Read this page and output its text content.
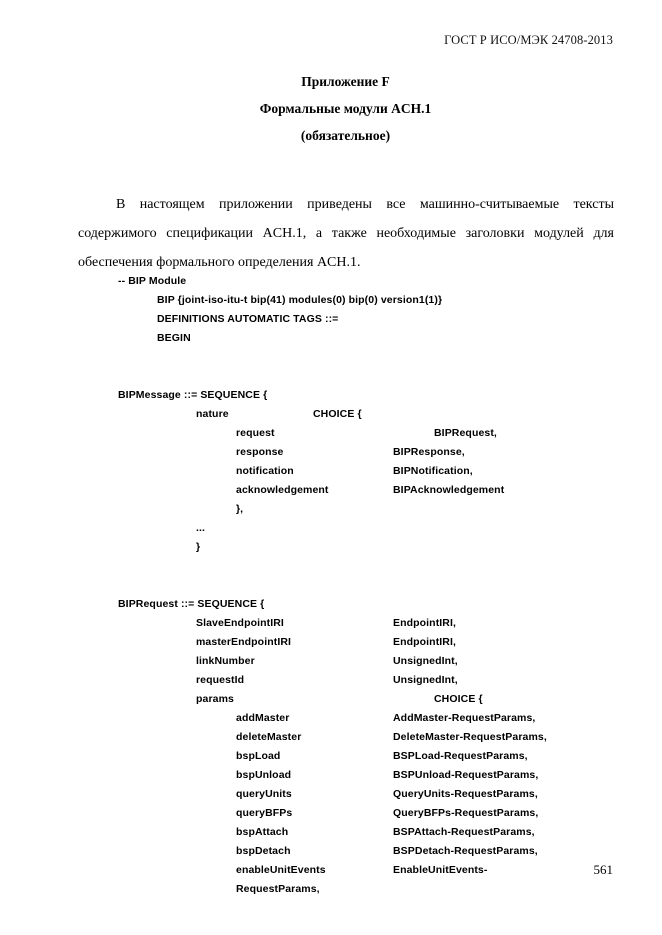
ГОСТ Р ИСО/МЭК 24708-2013
Приложение F
Формальные модули ACH.1
(обязательное)

В настоящем приложении приведены все машинно-считываемые тексты содержимого спецификации ACH.1, а также необходимые заголовки модулей для обеспечения формального определения ACH.1.

-- BIP Module
BIP {joint-iso-itu-t bip(41) modules(0) bip(0) version1(1)}
DEFINITIONS AUTOMATIC TAGS ::=
BEGIN
BIPMessage ::= SEQUENCE {
nature	CHOICE {
request	BIPRequest,
response	BIPResponse,
notification	BIPNotification,
acknowledgement	BIPAcknowledgement
},
...
}
BIPRequest ::= SEQUENCE {
SlaveEndpointIRI	EndpointIRI,
masterEndpointIRI	EndpointIRI,
linkNumber	UnsignedInt,
requestId	UnsignedInt,
params	CHOICE {
addMaster	AddMaster-RequestParams,
deleteMaster	DeleteMaster-RequestParams,
bspLoad	BSPLoad-RequestParams,
bspUnload	BSPUnload-RequestParams,
queryUnits	QueryUnits-RequestParams,
queryBFPs	QueryBFPs-RequestParams,
bspAttach	BSPAttach-RequestParams,
bspDetach	BSPDetach-RequestParams,
enableUnitEvents	EnableUnitEvents-
RequestParams,
561
